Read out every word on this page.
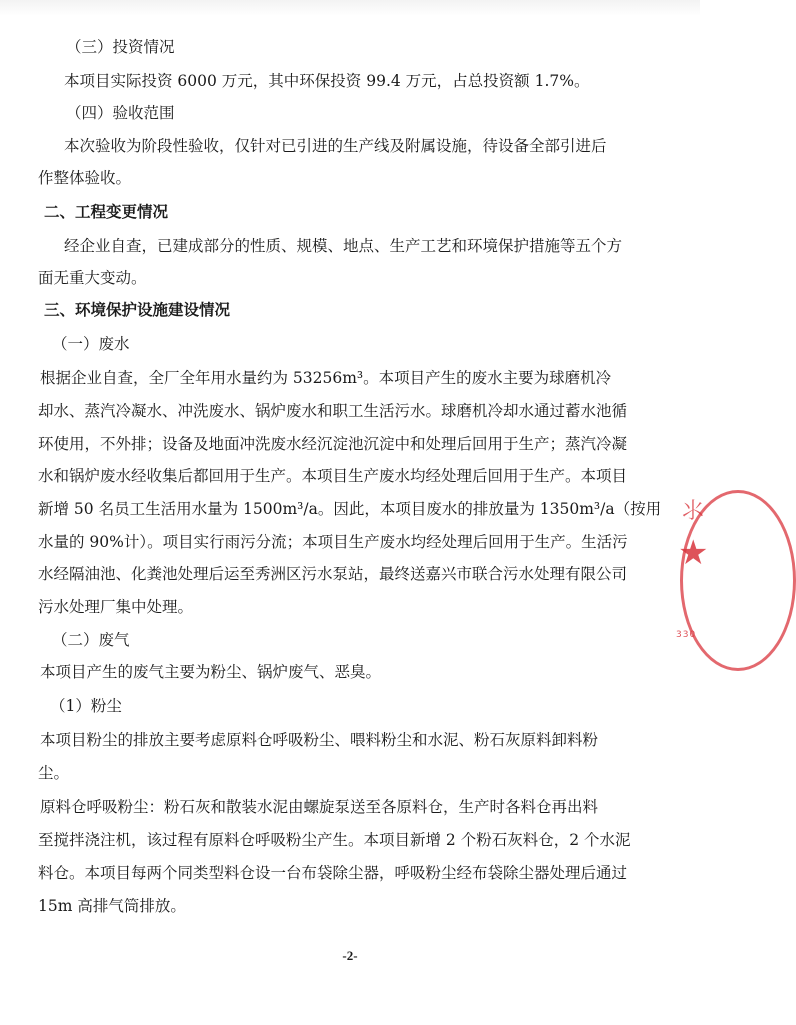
（三）投资情况
本项目实际投资 6000 万元，其中环保投资 99.4 万元，占总投资额 1.7%。
（四）验收范围
本次验收为阶段性验收，仅针对已引进的生产线及附属设施，待设备全部引进后
作整体验收。
二、工程变更情况
经企业自查，已建成部分的性质、规模、地点、生产工艺和环境保护措施等五个方
面无重大变动。
三、环境保护设施建设情况
（一）废水
根据企业自查，全厂全年用水量约为 53256m³。本项目产生的废水主要为球磨机冷
却水、蒸汽冷凝水、冲洗废水、锅炉废水和职工生活污水。球磨机冷却水通过蓄水池循
环使用，不外排；设备及地面冲洗废水经沉淀池沉淀中和处理后回用于生产；蒸汽冷凝
水和锅炉废水经收集后都回用于生产。本项目生产废水均经处理后回用于生产。本项目
新增 50 名员工生活用水量为 1500m³/a。因此，本项目废水的排放量为 1350m³/a（按用
水量的 90%计）。项目实行雨污分流；本项目生产废水均经处理后回用于生产。生活污
水经隔油池、化粪池处理后运至秀洲区污水泵站，最终送嘉兴市联合污水处理有限公司
污水处理厂集中处理。
（二）废气
本项目产生的废气主要为粉尘、锅炉废气、恶臭。
（1）粉尘
本项目粉尘的排放主要考虑原料仓呼吸粉尘、喂料粉尘和水泥、粉石灰原料卸料粉
尘。
原料仓呼吸粉尘：粉石灰和散装水泥由螺旋泵送至各原料仓，生产时各料仓再出料
至搅拌浇注机，该过程有原料仓呼吸粉尘产生。本项目新增 2 个粉石灰料仓，2 个水泥
料仓。本项目每两个同类型料仓设一台布袋除尘器，呼吸粉尘经布袋除尘器处理后通过
15m 高排气筒排放。
-2-
⺢
★
330
